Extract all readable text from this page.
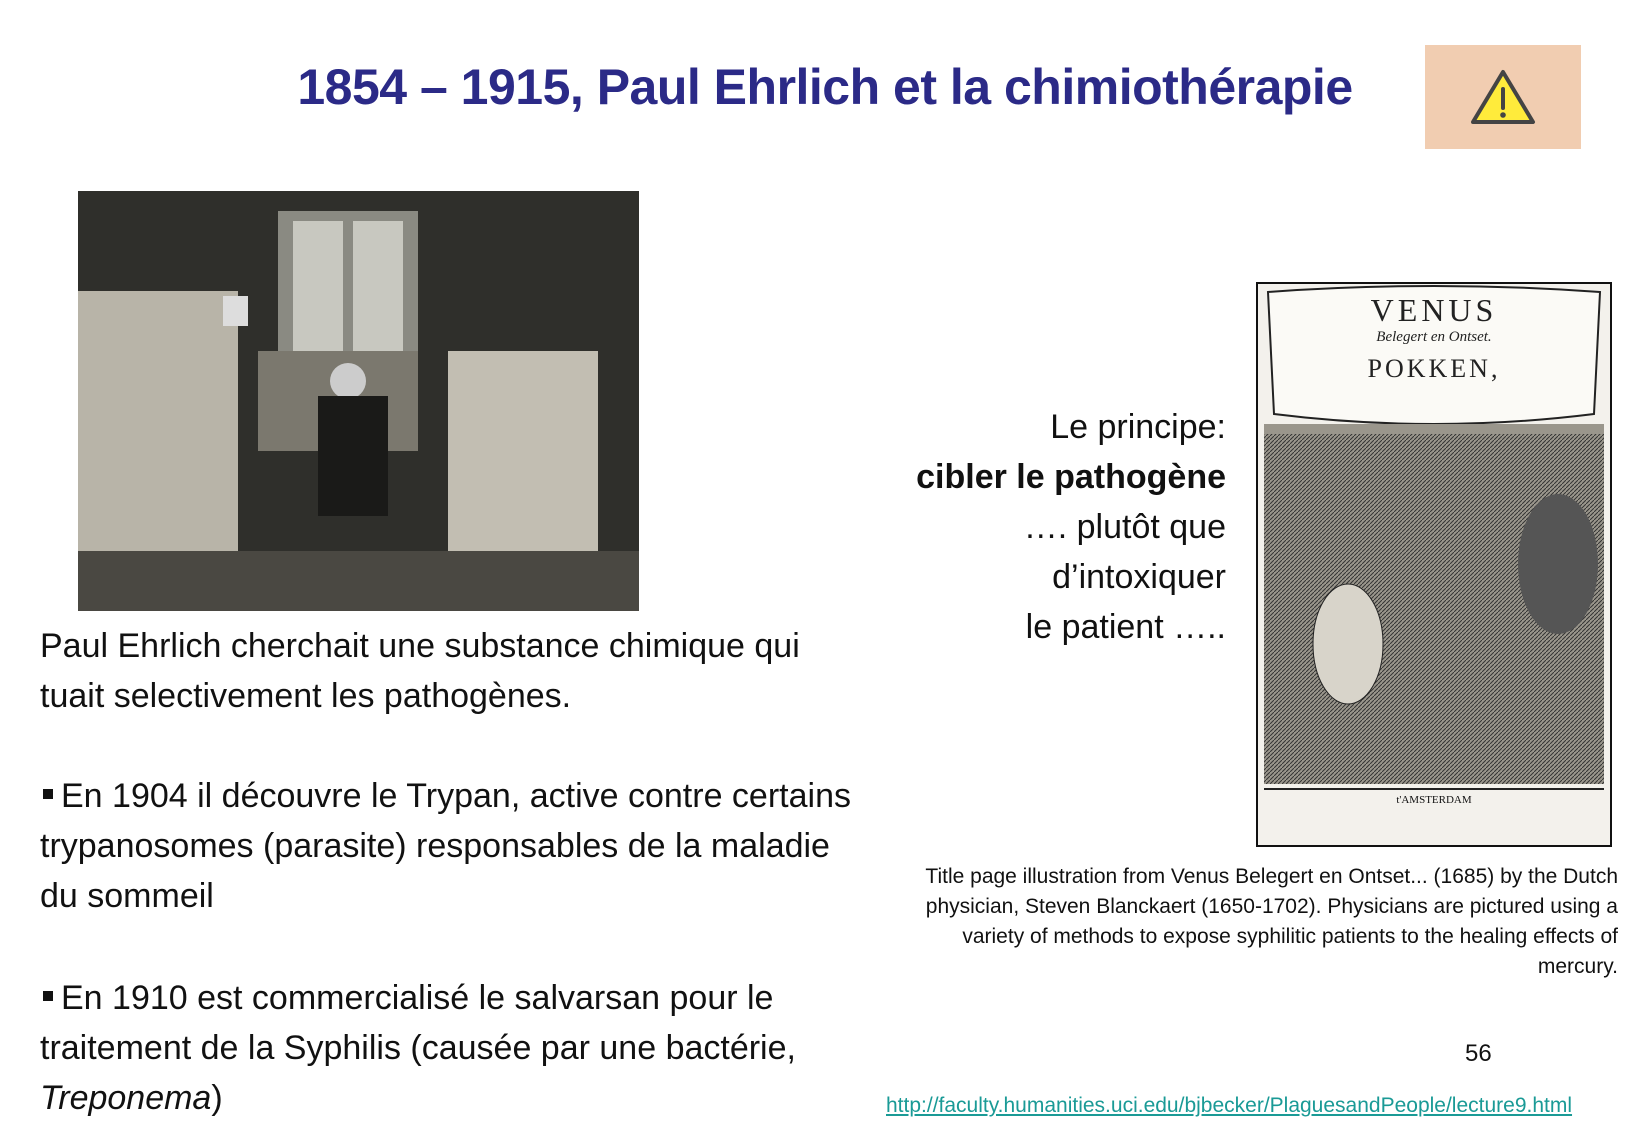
1854 – 1915, Paul Ehrlich et la chimiothérapie
Paul Ehrlich cherchait une substance chimique qui tuait selectivement les pathogènes.
En 1904 il découvre le Trypan, active contre certains trypanosomes (parasite) responsables de la maladie du sommeil
En 1910 est commercialisé le salvarsan pour le traitement de la Syphilis (causée par une bactérie, Treponema)
Le principe:
cibler le pathogène
…. plutôt que
d’intoxiquer
le patient …..
VENUS
Belegert en Ontset.
POKKEN,
t'AMSTERDAM
Title page illustration from Venus Belegert en Ontset... (1685) by the Dutch physician, Steven Blanckaert (1650-1702). Physicians are pictured using a variety of methods to expose syphilitic patients to the healing effects of mercury.
56
http://faculty.humanities.uci.edu/bjbecker/PlaguesandPeople/lecture9.html
